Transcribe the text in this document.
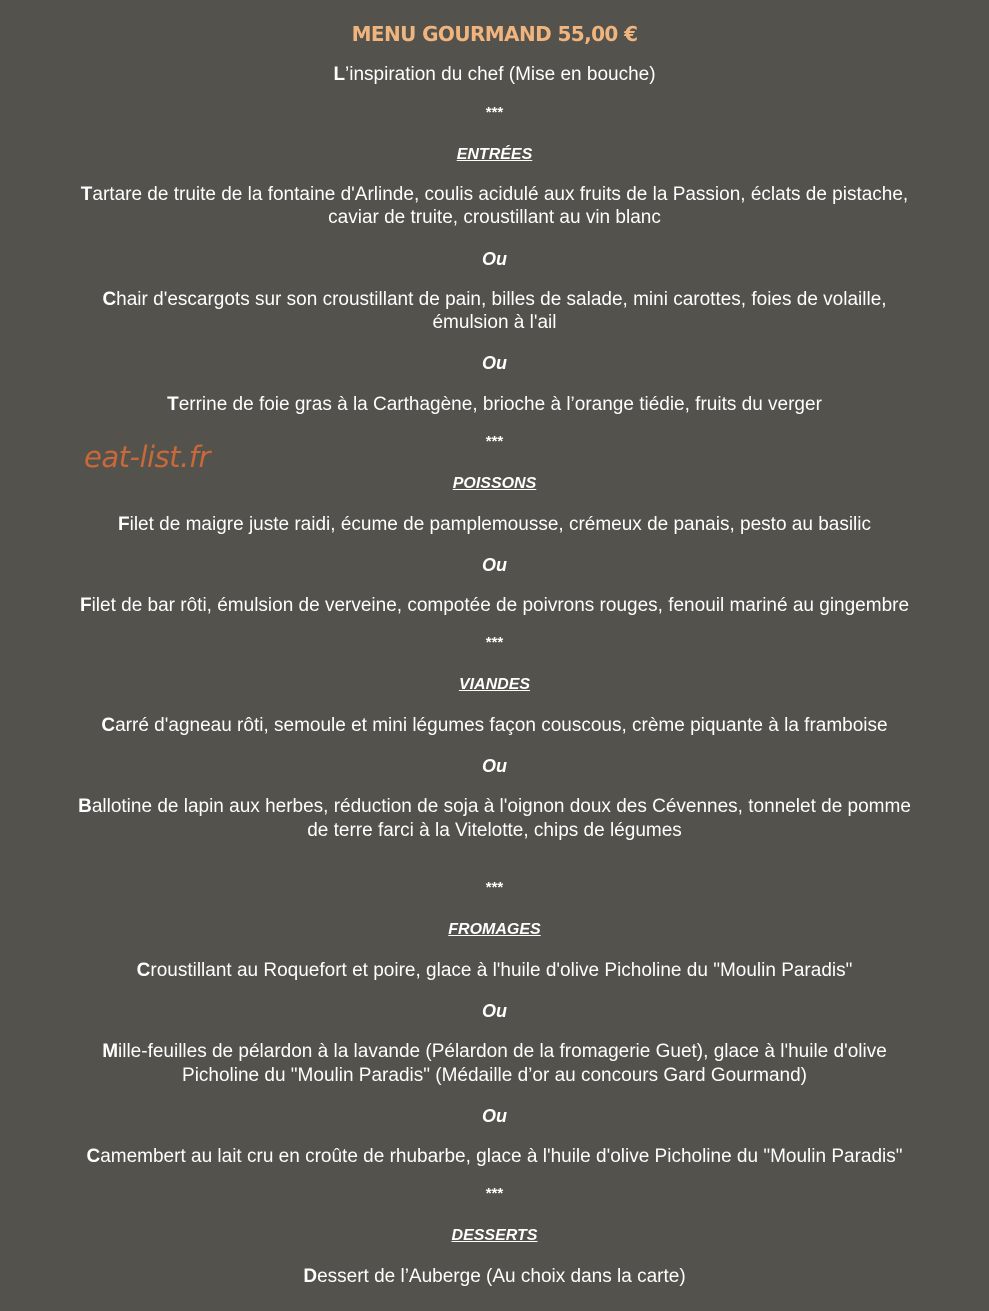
MENU GOURMAND 55,00 €
L’inspiration du chef (Mise en bouche)
***
ENTRÉES
Tartare de truite de la fontaine d'Arlinde, coulis acidulé aux fruits de la Passion, éclats de pistache,
caviar de truite, croustillant au vin blanc
Ou
Chair d'escargots sur son croustillant de pain, billes de salade, mini carottes, foies de volaille,
émulsion à l'ail
Ou
Terrine de foie gras à la Carthagène, brioche à l’orange tiédie, fruits du verger
***
eat-list.fr
POISSONS
Filet de maigre juste raidi, écume de pamplemousse, crémeux de panais, pesto au basilic
Ou
Filet de bar rôti, émulsion de verveine, compotée de poivrons rouges, fenouil mariné au gingembre
***
VIANDES
Carré d'agneau rôti, semoule et mini légumes façon couscous, crème piquante à la framboise
Ou
Ballotine de lapin aux herbes, réduction de soja à l'oignon doux des Cévennes, tonnelet de pomme
de terre farci à la Vitelotte, chips de légumes
***
FROMAGES
Croustillant au Roquefort et poire, glace à l'huile d'olive Picholine du "Moulin Paradis"
Ou
Mille-feuilles de pélardon à la lavande (Pélardon de la fromagerie Guet), glace à l'huile d'olive
Picholine du "Moulin Paradis" (Médaille d’or au concours Gard Gourmand)
Ou
Camembert au lait cru en croûte de rhubarbe, glace à l'huile d'olive Picholine du "Moulin Paradis"
***
DESSERTS
Dessert de l’Auberge (Au choix dans la carte)
